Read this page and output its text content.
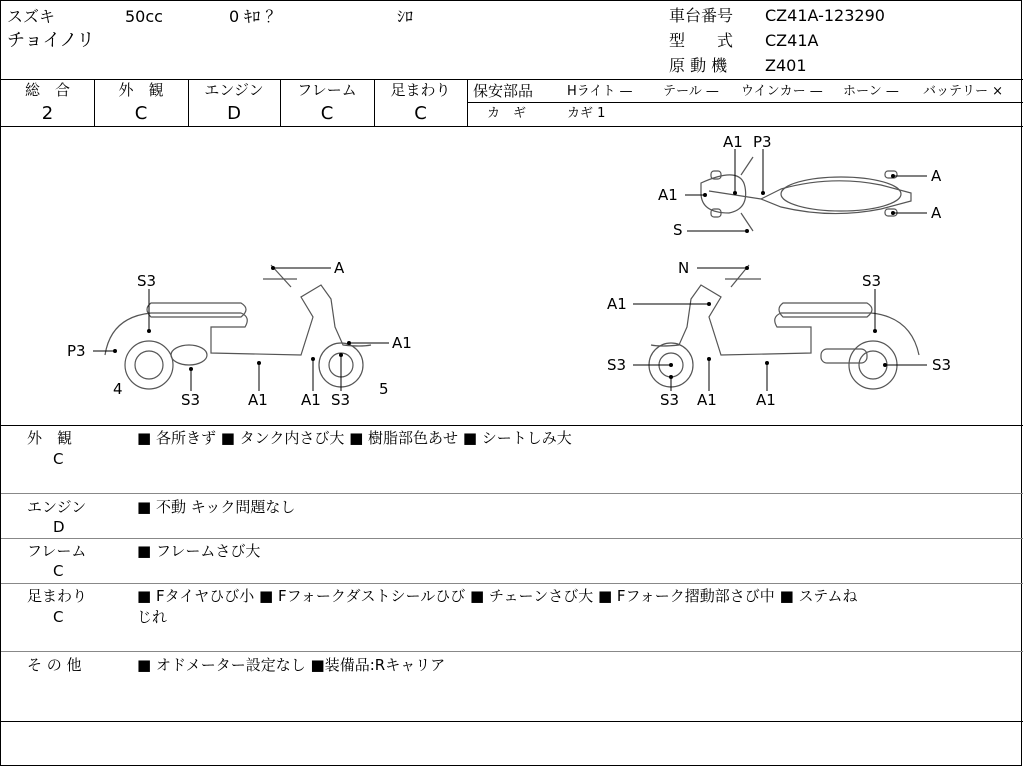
スズキ	50cc	0 ｷﾛ ？	ｼﾛ
チョイノリ
車台番号 CZ41A-123290
型　　式 CZ41A
原 動 機 Z401
総　合
2
外　観
C
エンジン
D
フレーム
C
足まわり
C
保安部品	Hライト — テール — ウインカー — ホーン — バッテリー ×
カ　ギ	カギ 1
A1 P3
A1
S
A
A
A
S3
P3
4
S3	A1 A1 S3
5
A1
N
S3
A1
S3
S3
S3
A1	A1
外　観
C
■ 各所きず ■ タンク内さび大 ■ 樹脂部色あせ ■ シートしみ大
エンジン
D
■ 不動 キック問題なし
フレーム
C
■ フレームさび大
足まわり
C
■ Fタイヤひび小 ■ Fフォークダストシールひび ■ チェーンさび大 ■ Fフォーク摺動部さび中 ■ ステムね
じれ
そ の 他	■ オドメーター設定なし ■装備品:Rキャリア
